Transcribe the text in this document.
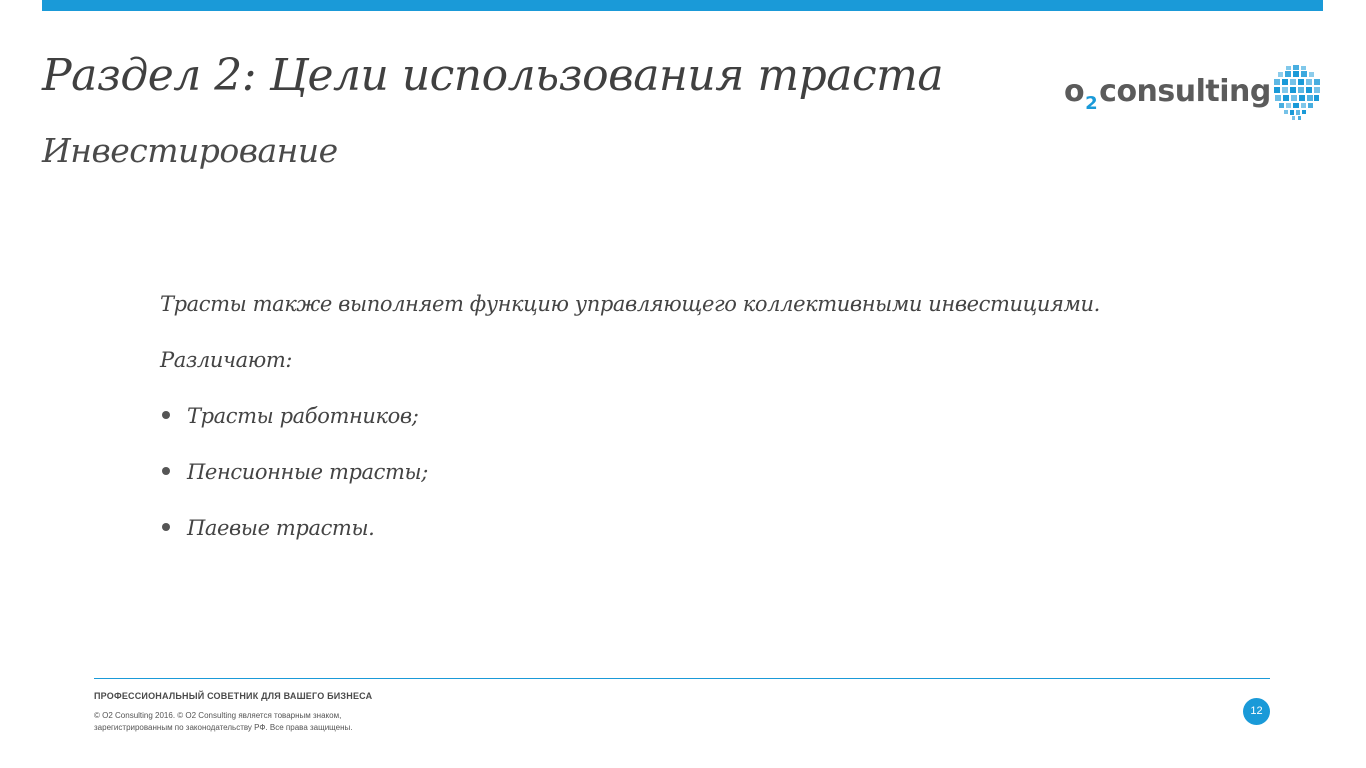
Раздел 2: Цели использования траста
Инвестирование
$o_2consulting$

Трасты также выполняет функцию управляющего коллективными инвестициями.

Различают:

Трасты работников;
Пенсионные трасты;
Паевые трасты.
ПРОФЕССИОНАЛЬНЫЙ СОВЕТНИК ДЛЯ ВАШЕГО БИЗНЕСА
© O2 Consulting 2016. © O2 Consulting является товарным знаком,
зарегистрированным по законодательству РФ. Все права защищены.
12
